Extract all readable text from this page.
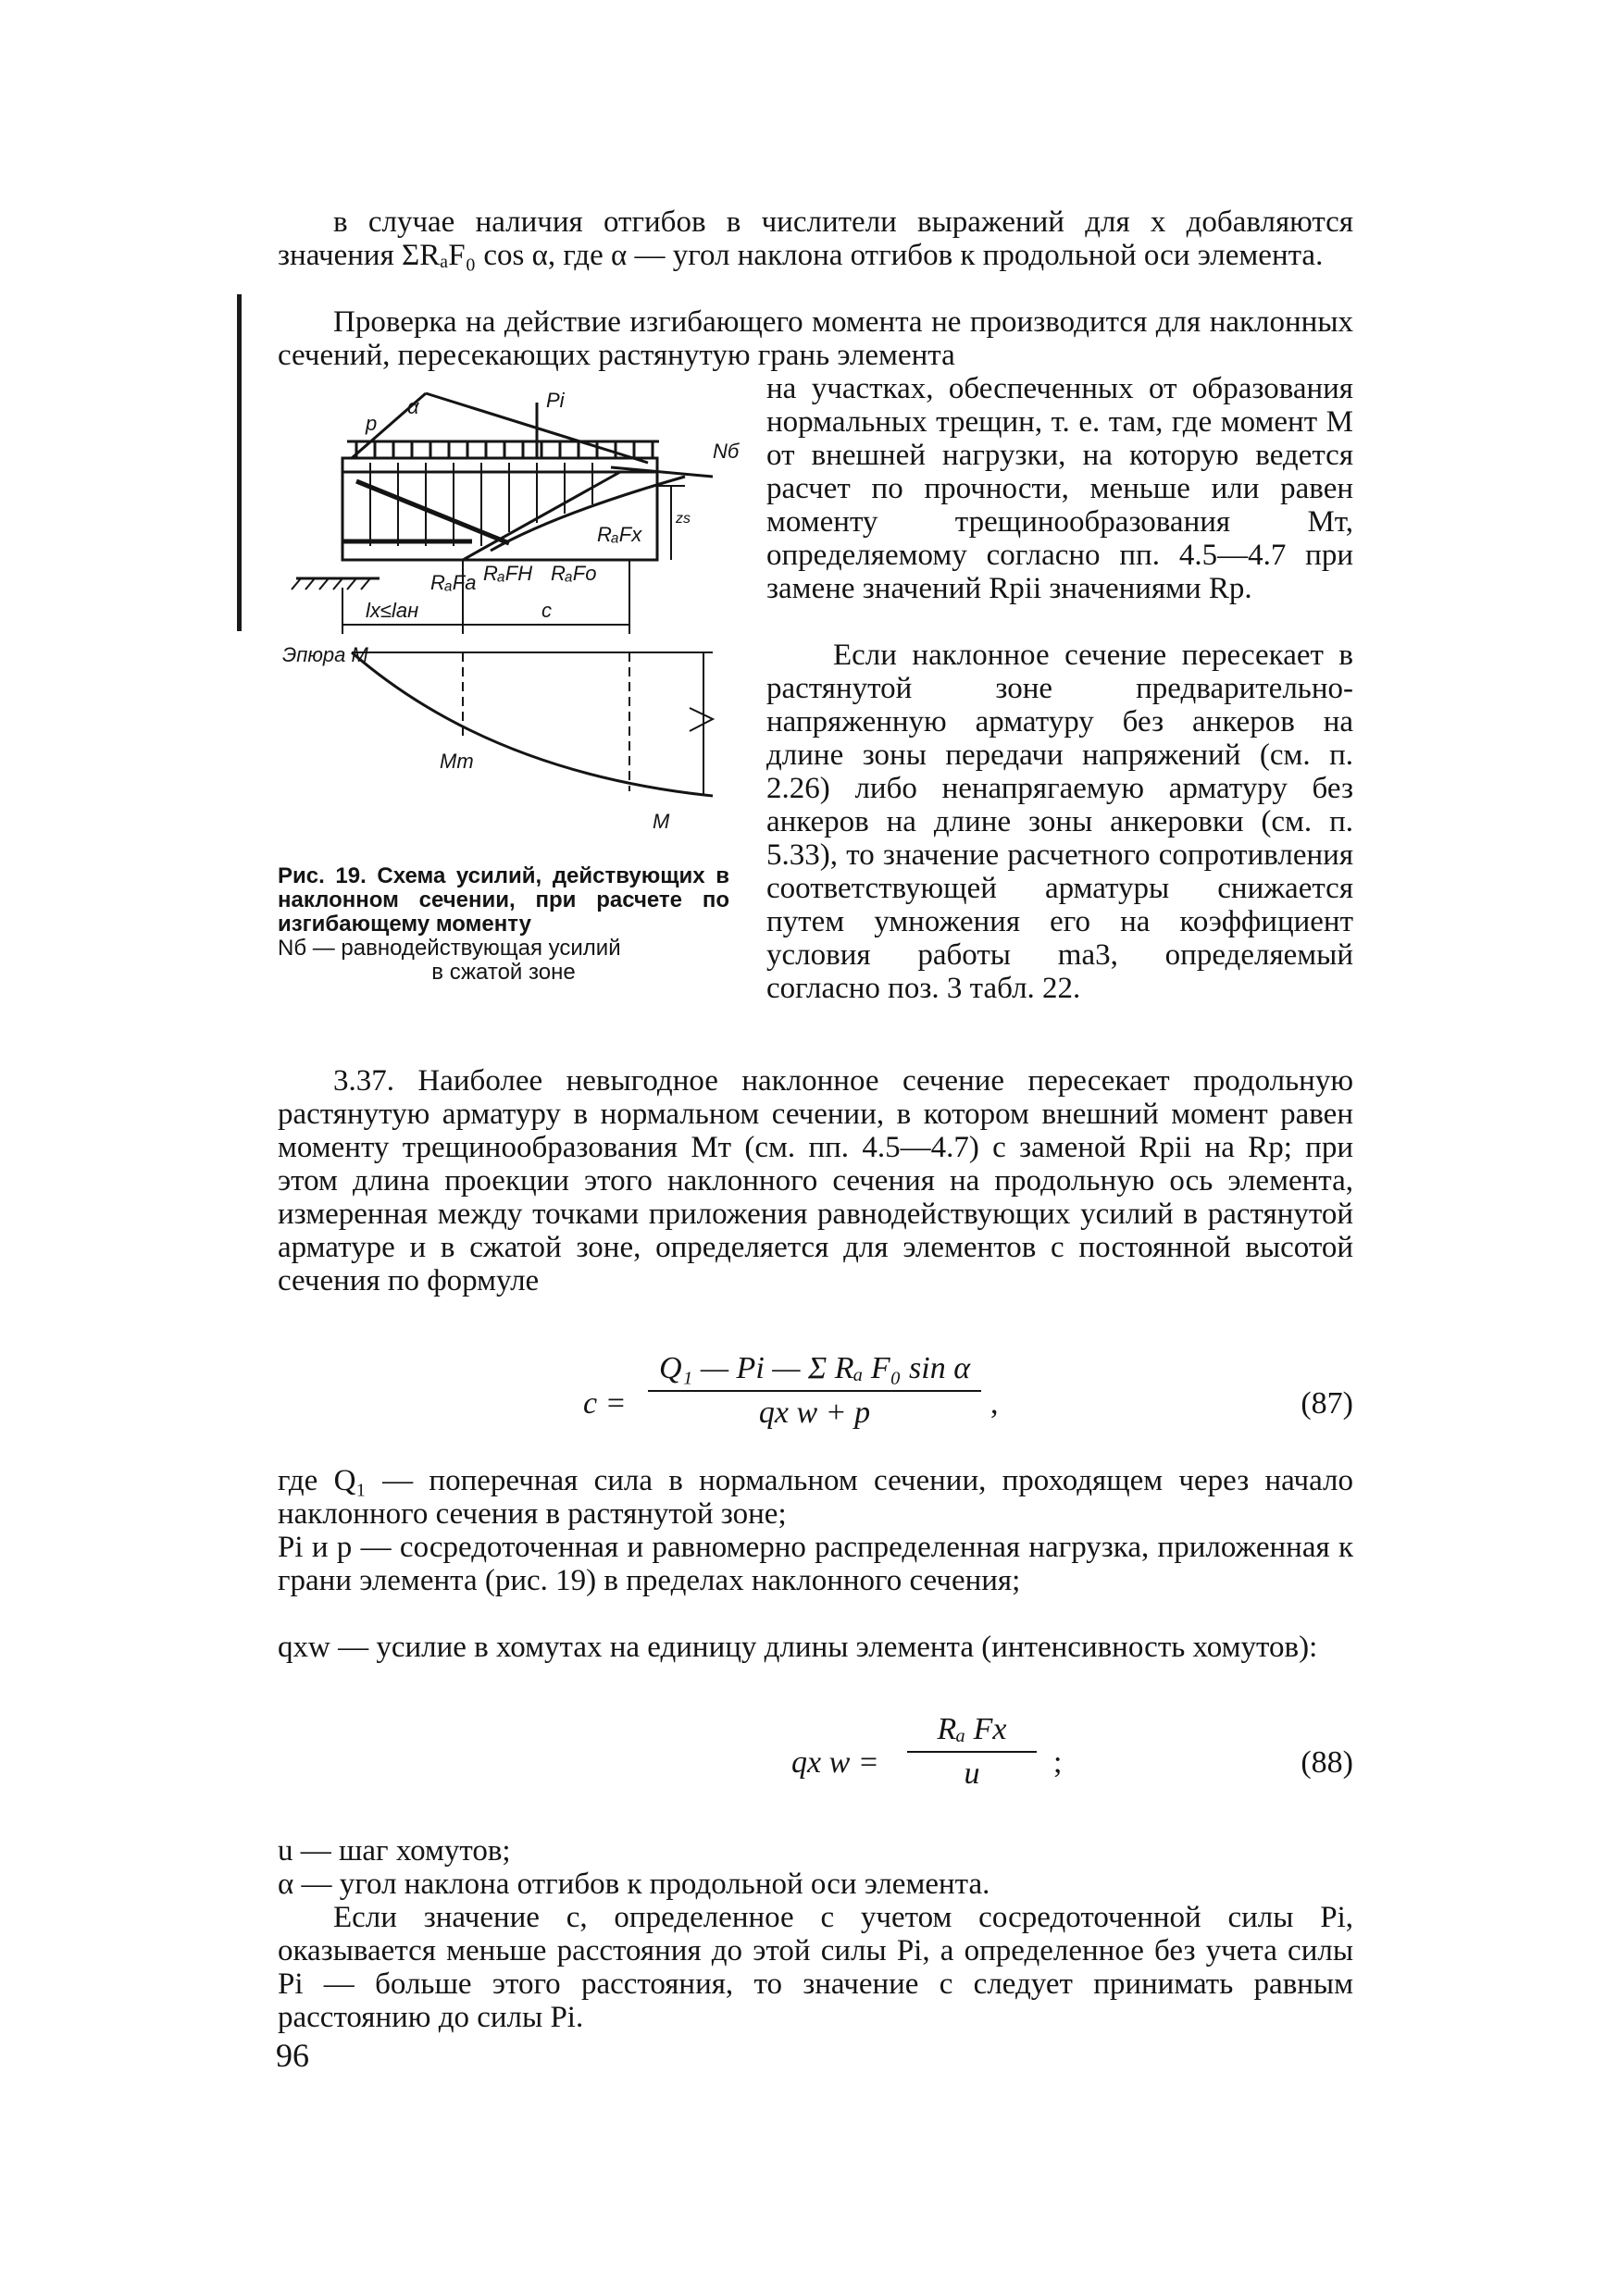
в случае наличия отгибов в числители выражений для x добавляются значения ΣRₐF₀ cos α, где α — угол наклона отгибов к продольной оси элемента.

Проверка на действие изгибающего момента не производится для наклонных сечений, пересекающих растянутую грань элемента

p
Pi
α
Nб
RₐFa RₐFH RₐFo
RₐFx
zs
lx≤lан	c
Эпюра M
Mт
M

Рис. 19. Схема усилий, действующих в наклонном сечении, при расчете по изгибающему моменту
Nб — равнодействующая усилий
в сжатой зоне

на участках, обеспеченных от образования нормальных трещин, т. е. там, где момент M от внешней нагрузки, на которую ведется расчет по прочности, меньше или равен моменту трещинообразования Mт, определяемому согласно пп. 4.5—4.7 при замене значений Rpii значениями Rp.

Если наклонное сечение пересекает в растянутой зоне предварительно-напряженную арматуру без анкеров на длине зоны передачи напряжений (см. п. 2.26) либо ненапрягаемую арматуру без анкеров на длине зоны анкеровки (см. п. 5.33), то значение расчетного сопротивления соответствующей арматуры снижается путем умножения его на коэффициент условия работы mа3, определяемый согласно поз. 3 табл. 22.

3.37. Наиболее невыгодное наклонное сечение пересекает продольную растянутую арматуру в нормальном сечении, в котором внешний момент равен моменту трещинообразования Mт (см. пп. 4.5—4.7) с заменой Rpii на Rp; при этом длина проекции этого наклонного сечения на продольную ось элемента, измеренная между точками приложения равнодействующих усилий в растянутой арматуре и в сжатой зоне, определяется для элементов с постоянной высотой сечения по формуле

c =
Q₁ — Pi — Σ Rₐ F₀ sin α
qх w + p	,	(87)

где Q₁ — поперечная сила в нормальном сечении, проходящем через начало наклонного сечения в растянутой зоне;

Pi и p — сосредоточенная и равномерно распределенная нагрузка, приложенная к грани элемента (рис. 19) в пределах наклонного сечения;

qхw — усилие в хомутах на единицу длины элемента (интенсивность хомутов):

qх w =
Rₐ Fх
u	;	(88)

u — шаг хомутов;

α — угол наклона отгибов к продольной оси элемента.

Если значение c, определенное с учетом сосредоточенной силы Pi, оказывается меньше расстояния до этой силы Pi, а определенное без учета силы Pi — больше этого расстояния, то значение c следует принимать равным расстоянию до силы Pi.

96
